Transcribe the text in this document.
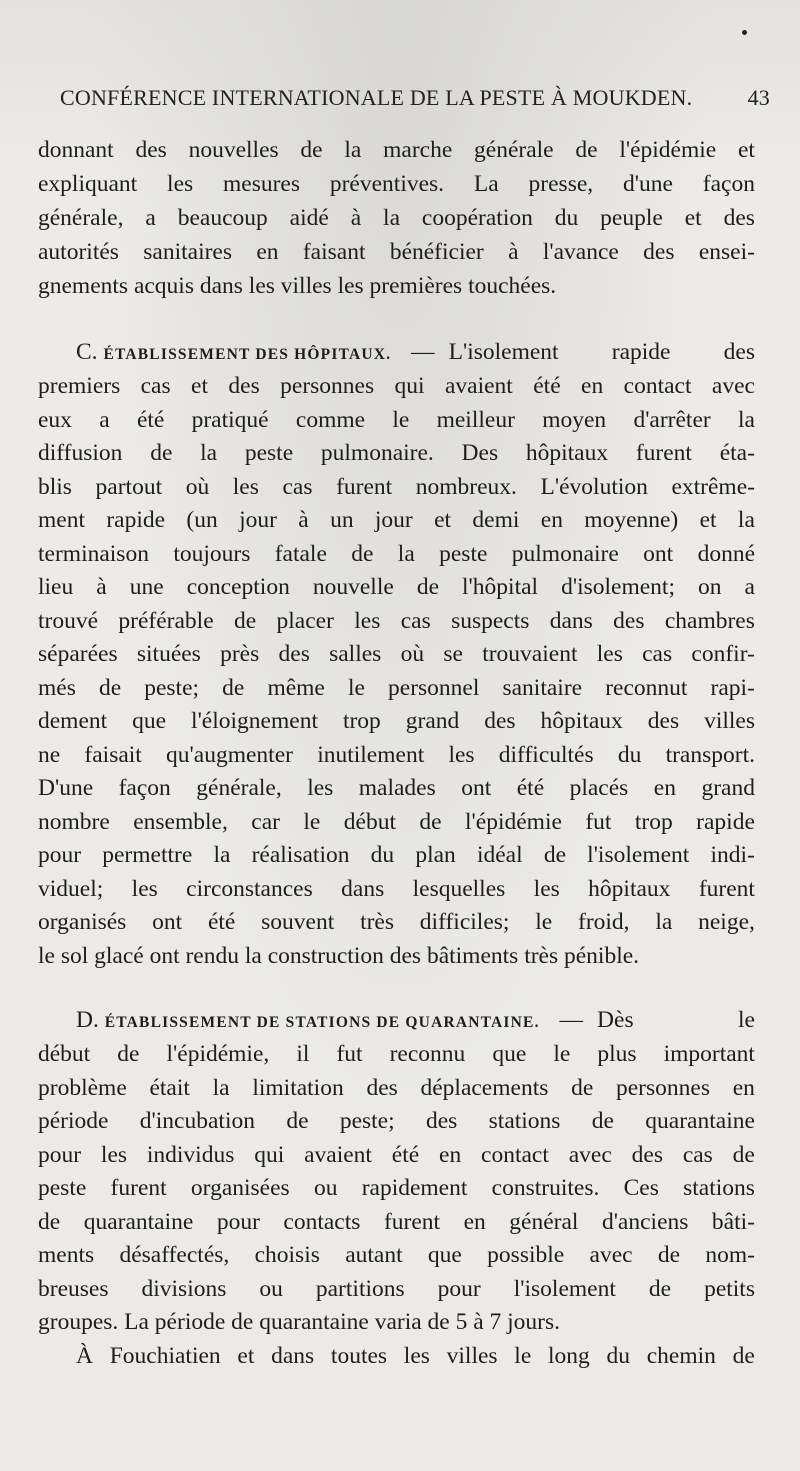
CONFÉRENCE INTERNATIONALE DE LA PESTE À MOUKDEN.	43
donnant des nouvelles de la marche générale de l'épidémie et
expliquant les mesures préventives. La presse, d'une façon
générale, a beaucoup aidé à la coopération du peuple et des
autorités sanitaires en faisant bénéficier à l'avance des ensei-
gnements acquis dans les villes les premières touchées.
C. ÉTABLISSEMENT DES HÔPITAUX. — L'isolement rapide des
premiers cas et des personnes qui avaient été en contact avec
eux a été pratiqué comme le meilleur moyen d'arrêter la
diffusion de la peste pulmonaire. Des hôpitaux furent éta-
blis partout où les cas furent nombreux. L'évolution extrême-
ment rapide (un jour à un jour et demi en moyenne) et la
terminaison toujours fatale de la peste pulmonaire ont donné
lieu à une conception nouvelle de l'hôpital d'isolement; on a
trouvé préférable de placer les cas suspects dans des chambres
séparées situées près des salles où se trouvaient les cas confir-
més de peste; de même le personnel sanitaire reconnut rapi-
dement que l'éloignement trop grand des hôpitaux des villes
ne faisait qu'augmenter inutilement les difficultés du transport.
D'une façon générale, les malades ont été placés en grand
nombre ensemble, car le début de l'épidémie fut trop rapide
pour permettre la réalisation du plan idéal de l'isolement indi-
viduel; les circonstances dans lesquelles les hôpitaux furent
organisés ont été souvent très difficiles; le froid, la neige,
le sol glacé ont rendu la construction des bâtiments très pénible.
D. ÉTABLISSEMENT DE STATIONS DE QUARANTAINE. — Dès	le
début de l'épidémie, il fut reconnu que le plus important
problème était la limitation des déplacements de personnes en
période d'incubation de peste; des stations de quarantaine
pour les individus qui avaient été en contact avec des cas de
peste furent organisées ou rapidement construites. Ces stations
de quarantaine pour contacts furent en général d'anciens bâti-
ments désaffectés, choisis autant que possible avec de nom-
breuses divisions ou partitions pour l'isolement de petits
groupes. La période de quarantaine varia de 5 à 7 jours.
À Fouchiatien et dans toutes les villes le long du chemin de
